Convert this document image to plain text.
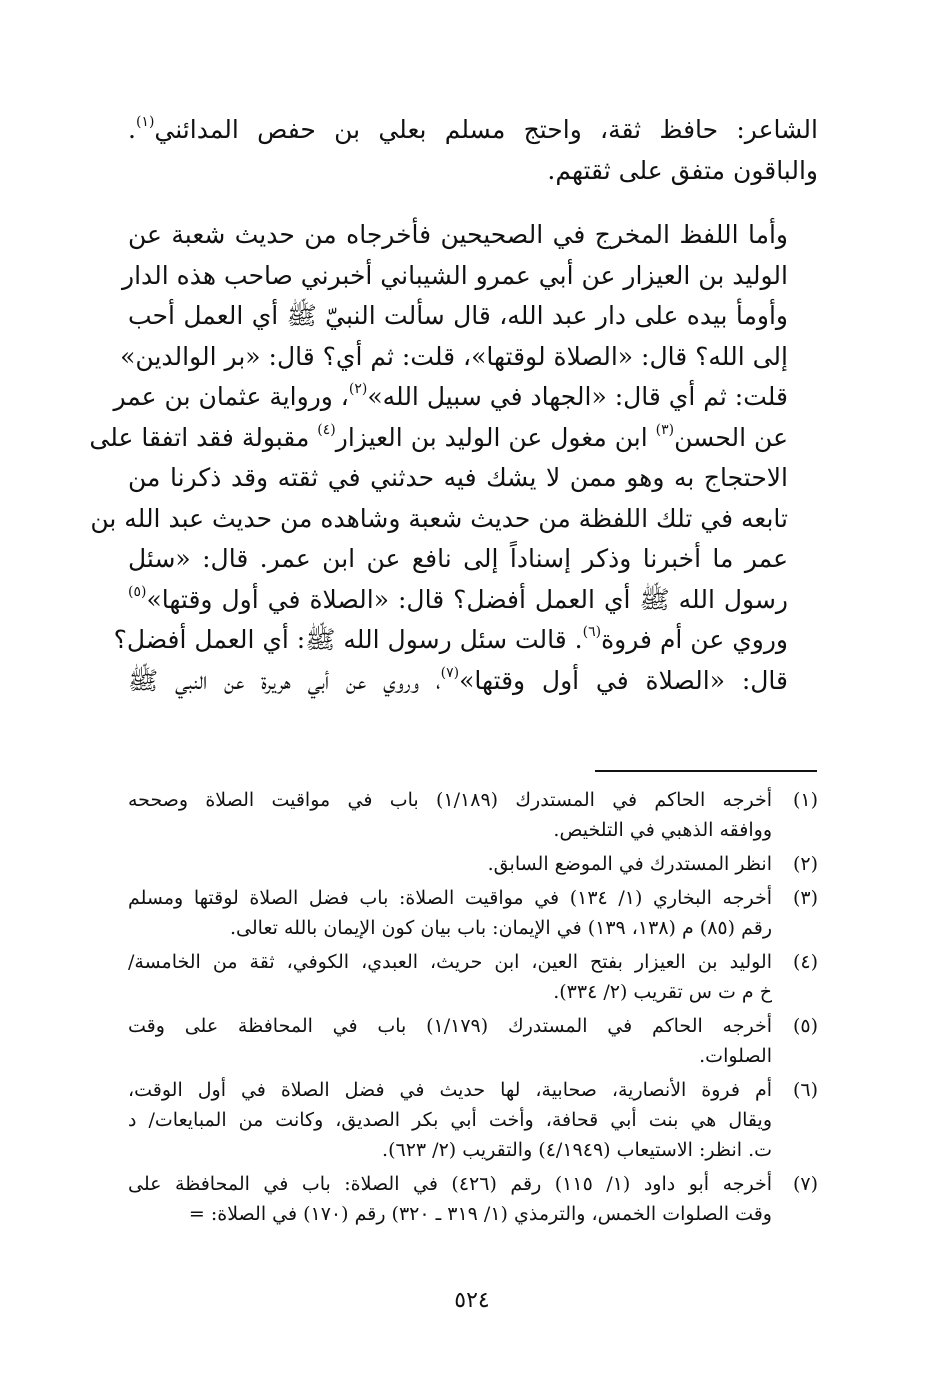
الشاعر: حافظ ثقة، واحتج مسلم بعلي بن حفص المدائني$^{(١)}$.
والباقون متفق على ثقتهم.

وأما اللفظ المخرج في الصحيحين فأخرجاه من حديث شعبة عن
الوليد بن العيزار عن أبي عمرو الشيباني أخبرني صاحب هذه الدار
وأومأ بيده على دار عبد الله، قال سألت النبيّ ﷺ أي العمل أحب
إلى الله؟ قال: «الصلاة لوقتها»، قلت: ثم أي؟ قال: «بر الوالدين»
قلت: ثم أي قال: «الجهاد في سبيل الله»$^{(٢)}$، ورواية عثمان بن عمر
عن الحسن$^{(٣)}$ ابن مغول عن الوليد بن العيزار$^{(٤)}$ مقبولة فقد اتفقا على
الاحتجاج به وهو ممن لا يشك فيه حدثني في ثقته وقد ذكرنا من
تابعه في تلك اللفظة من حديث شعبة وشاهده من حديث عبد الله بن
عمر ما أخبرنا وذكر إسناداً إلى نافع عن ابن عمر. قال: «سئل
رسول الله ﷺ أي العمل أفضل؟ قال: «الصلاة في أول وقتها»$^{(٥)}$
وروي عن أم فروة$^{(٦)}$. قالت سئل رسول الله ﷺ: أي العمل أفضل؟
قال: «الصلاة في أول وقتها»$^{(٧)}$، وروي عن أبي هريرة عن النبي ﷺ

(١)
أخرجه الحاكم في المستدرك (١/١٨٩) باب في مواقيت الصلاة وصححه
ووافقه الذهبي في التلخيص.
(٢)
انظر المستدرك في الموضع السابق.
(٣)
أخرجه البخاري (١/ ١٣٤) في مواقيت الصلاة: باب فضل الصلاة لوقتها ومسلم
رقم (٨٥) م (١٣٨، ١٣٩) في الإيمان: باب بيان كون الإيمان بالله تعالى.
(٤)
الوليد بن العيزار بفتح العين، ابن حريث، العبدي، الكوفي، ثقة من الخامسة/
خ م ت س تقريب (٢/ ٣٣٤).
(٥)
أخرجه الحاكم في المستدرك (١/١٧٩) باب في المحافظة على وقت
الصلوات.
(٦)
أم فروة الأنصارية، صحابية، لها حديث في فضل الصلاة في أول الوقت،
ويقال هي بنت أبي قحافة، وأخت أبي بكر الصديق، وكانت من المبايعات/ د
ت. انظر: الاستيعاب (٤/١٩٤٩) والتقريب (٢/ ٦٢٣).
(٧)
أخرجه أبو داود (١/ ١١٥) رقم (٤٢٦) في الصلاة: باب في المحافظة على
وقت الصلوات الخمس، والترمذي (١/ ٣١٩ ـ ٣٢٠) رقم (١٧٠) في الصلاة: =
٥٢٤
